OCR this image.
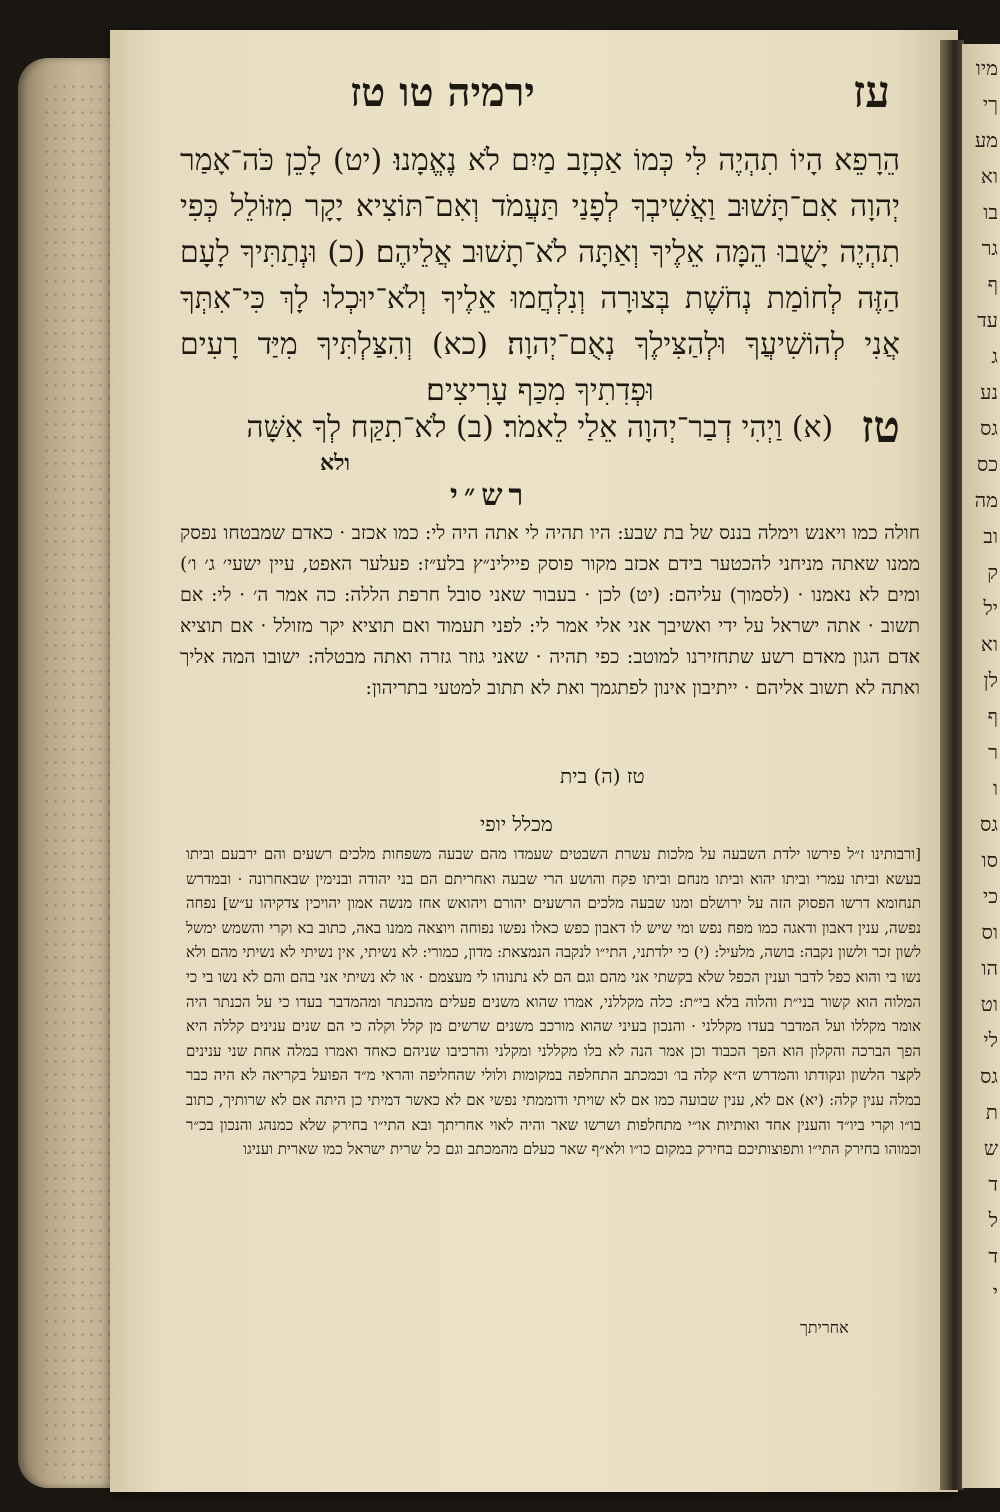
מיו
ךי
מע
וא
בו
גר
ף
עד
ג
נע
גס
כס
מה
וב
ק
יל
וא
לן
ף
ר
ו
גס
סו
כי
וס
הו
וט
לי
גס
ת
ש
ד
ל
ד
י
עז
ירמיה טו טז
הֵרָפֵא הָיוֹ תִהְיֶה לִּי כְּמוֹ אַכְזָב מַיִם לֹא נֶאֱמָנוּ׃ (יט) לָכֵן כֹּה־אָמַר יְהוָה אִם־תָּשׁוּב וַאֲשִׁיבְךָ לְפָנַי תַּעֲמֹד וְאִם־תּוֹצִיא יָקָר מִזּוֹלֵל כְּפִי תִהְיֶה יָשֻׁבוּ הֵמָּה אֵלֶיךָ וְאַתָּה לֹא־תָשׁוּב אֲלֵיהֶם׃ (כ) וּנְתַתִּיךָ לָעָם הַזֶּה לְחוֹמַת נְחֹשֶׁת בְּצוּרָה וְנִלְחֲמוּ אֵלֶיךָ וְלֹא־יוּכְלוּ לָךְ כִּי־אִתְּךָ אֲנִי לְהוֹשִׁיעֲךָ וּלְהַצִּילֶךָ נְאֻם־יְהוָה׃ (כא) וְהִצַּלְתִּיךָ מִיַּד רָעִים וּפְדִתִיךָ מִכַּף עָרִיצִים׃
טז
(א) וַיְהִי דְבַר־יְהוָה אֵלַי לֵאמֹר׃ (ב) לֹא־תִקַּח לְךָ אִשָּׁה
ולא
רש״י
חולה כמו ויאנש וימלה בננס של בת שבע: היו תהיה לי אתה היה לי: כמו אכזב · כאדם שמבטחו נפסק ממנו שאתה מניחני להכטער בידם אכזב מקור פוסק פיילינ״ץ בלע״ז: פעלער האפט, עיין ישעי׳ ג׳ ו׳) ומים לא נאמנו · (לסמוך) עליהם: (יט) לכן · בעבור שאני סובל חרפת הללה: כה אמר ה׳ · לי: אם תשוב · אתה ישראל על ידי ואשיבך אני אלי אמר לי: לפני תעמוד ואם תוציא יקר מזולל · אם תוציא אדם הגון מאדם רשע שתחזירנו למוטב: כפי תהיה · שאני גוזר גזרה ואתה מבטלה: ישובו המה אליך ואתה לא תשוב אליהם · ייתיבון אינון לפתגמך ואת לא תתוב למטעי בתריהון:
טז (ה) בית
מכלל יופי
[ורבותינו ז״ל פירשו ילדת השבעה על מלכות עשרת השבטים שעמדו מהם שבעה משפחות מלכים רשעים והם ירבעם וביתו בעשא וביתו עמרי וביתו יהוא וביתו מנחם וביתו פקח והושע הרי שבעה ואחריתם הם בני יהודה ובנימין שבאחרונה · ובמדרש תנחומא דרשו הפסוק הזה על ירושלם ומנו שבעה מלכים הרשעים יהורם ויהואש אחז מנשה אמון יהויכין צדקיהו ע״ש] נפחה נפשה, ענין דאבון ודאגה כמו מפח נפש ומי שיש לו דאבון כפש כאלו נפשו נפוחה ויוצאה ממנו באה, כתוב בא וקרי והשמש ימשל לשון זכר ולשון נקבה: בושה, מלעיל: (י) כי ילדתני, התי״ו לנקבה הנמצאת: מדון, כמורי: לא נשיתי, אין נשיתי לא נשיתי מהם ולא נשו בי והוא כפל לדבר וענין הכפל שלא בקשתי אני מהם וגם הם לא נתנוהו לי מעצמם · או לא נשיתי אני בהם והם לא נשו בי כי המלוה הוא קשור בני״ת והלוה בלא בי״ת: כלה מקללני, אמרו שהוא משנים פעלים מהכנתר ומהמדבר בעדו כי על הכנתר היה אומר מקללו ועל המדבר בעדו מקללני · והנכון בעיני שהוא מורכב משנים שרשים מן קלל וקלה כי הם שנים ענינים קללה היא הפך הברכה והקלון הוא הפך הכבוד וכן אמר הנה לא בלו מקללני ומקלני והרכיבו שניהם כאחד ואמרו במלה אחת שני ענינים לקצר הלשון ונקודתו והמדרש ה״א קלה בו׳ וכמכתב התחלפה במקומות ולולי שהחליפה והראי מ״ד הפועל בקריאה לא היה כבר במלה ענין קלה: (יא) אם לא, ענין שבועה כמו אם לא שויתי ודוממתי נפשי אם לא כאשר דמיתי כן היתה אם לא שרותיך, כתוב בו״ו וקרי ביו״ד והענין אחד ואותיות או״י מתחלפות ושרשו שאר והיה לאוי אחריתך ובא התי״ו בחירק שלא כמנהג והנכון בכ״ר וכמוהו בחירק התי״ו ותפוצותיכם בחירק במקום כו״ו ולא״ף שאר כעלם מהמכתב וגם כל שרית ישראל כמו שארית ועניגו
אחריתך
